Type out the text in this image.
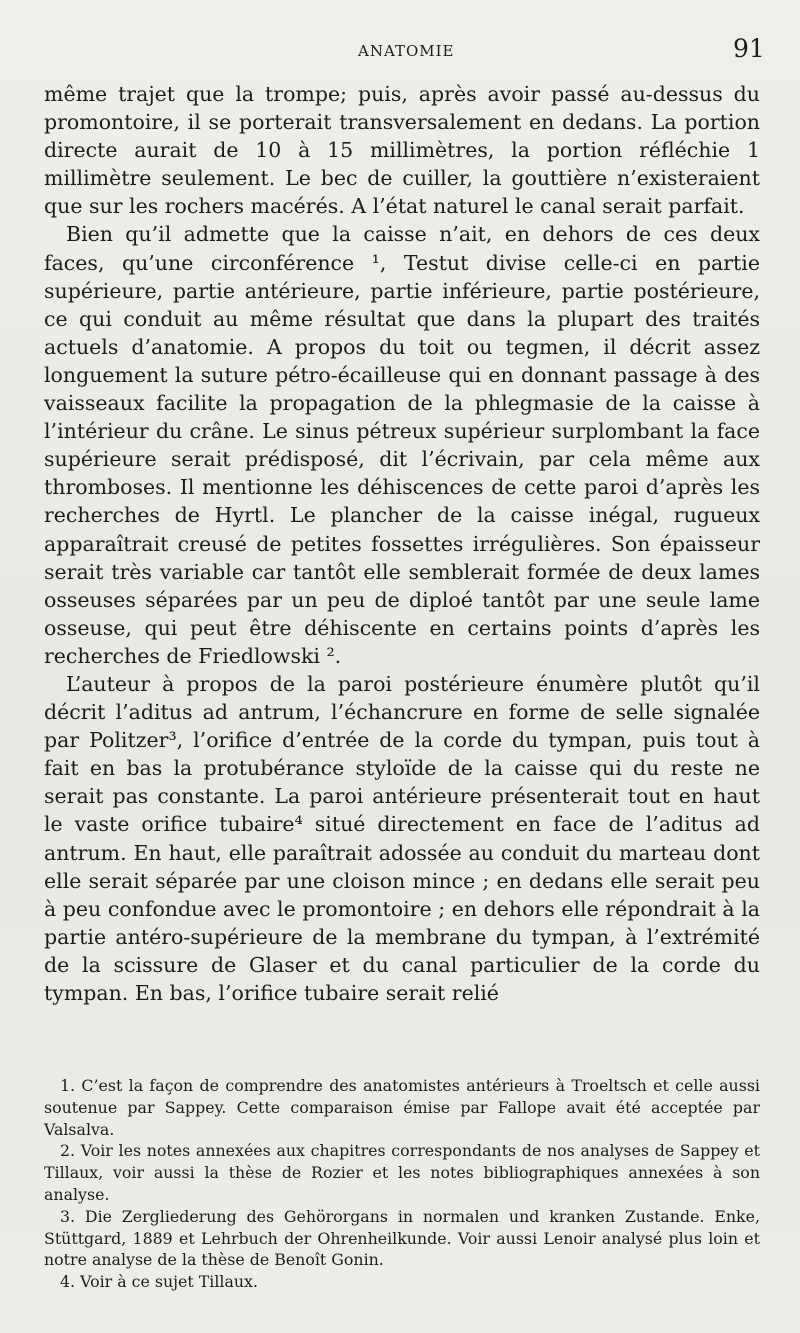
ANATOMIE	91

même trajet que la trompe; puis, après avoir passé au-dessus du promontoire, il se porterait transversalement en dedans. La portion directe aurait de 10 à 15 millimètres, la portion réfléchie 1 millimètre seulement. Le bec de cuiller, la gouttière n’existeraient que sur les rochers macérés. A l’état naturel le canal serait parfait.

Bien qu’il admette que la caisse n’ait, en dehors de ces deux faces, qu’une circonférence ¹, Testut divise celle-ci en partie supérieure, partie antérieure, partie inférieure, partie postérieure, ce qui conduit au même résultat que dans la plupart des traités actuels d’anatomie. A propos du toit ou tegmen, il décrit assez longuement la suture pétro-écailleuse qui en donnant passage à des vaisseaux facilite la propagation de la phlegmasie de la caisse à l’intérieur du crâne. Le sinus pétreux supérieur surplombant la face supérieure serait prédisposé, dit l’écrivain, par cela même aux thromboses. Il mentionne les déhiscences de cette paroi d’après les recherches de Hyrtl. Le plancher de la caisse inégal, rugueux apparaîtrait creusé de petites fossettes irrégulières. Son épaisseur serait très variable car tantôt elle semblerait formée de deux lames osseuses séparées par un peu de diploé tantôt par une seule lame osseuse, qui peut être déhiscente en certains points d’après les recherches de Friedlowski ².

L’auteur à propos de la paroi postérieure énumère plutôt qu’il décrit l’aditus ad antrum, l’échancrure en forme de selle signalée par Politzer³, l’orifice d’entrée de la corde du tympan, puis tout à fait en bas la protubérance styloïde de la caisse qui du reste ne serait pas constante. La paroi antérieure présenterait tout en haut le vaste orifice tubaire⁴ situé directement en face de l’aditus ad antrum. En haut, elle paraîtrait adossée au conduit du marteau dont elle serait séparée par une cloison mince ; en dedans elle serait peu à peu confondue avec le promontoire ; en dehors elle répondrait à la partie antéro-supérieure de la membrane du tympan, à l’extrémité de la scissure de Glaser et du canal particulier de la corde du tympan. En bas, l’orifice tubaire serait relié

1. C’est la façon de comprendre des anatomistes antérieurs à Troeltsch et celle aussi soutenue par Sappey. Cette comparaison émise par Fallope avait été acceptée par Valsalva.

2. Voir les notes annexées aux chapitres correspondants de nos analyses de Sappey et Tillaux, voir aussi la thèse de Rozier et les notes bibliographiques annexées à son analyse.

3. Die Zergliederung des Gehörorgans in normalen und kranken Zustande. Enke, Stüttgard, 1889 et Lehrbuch der Ohrenheilkunde. Voir aussi Lenoir analysé plus loin et notre analyse de la thèse de Benoît Gonin.

4. Voir à ce sujet Tillaux.
